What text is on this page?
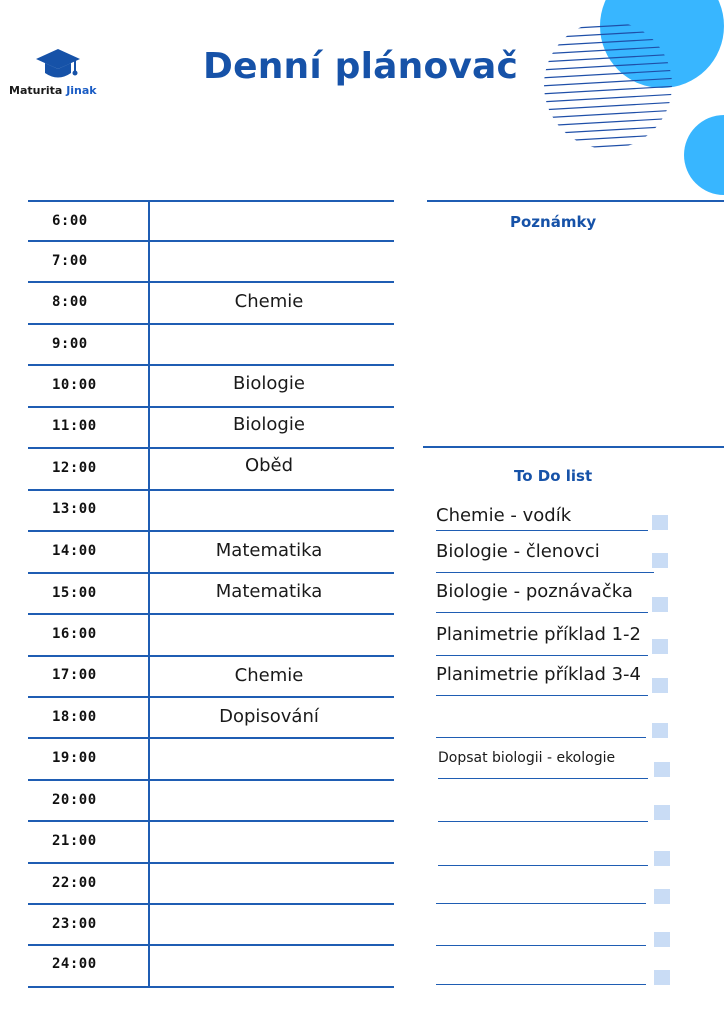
Maturita Jinak
Denní plánovač
6:00
7:00
8:00	Chemie
9:00
10:00	Biologie
11:00	Biologie
12:00	Oběd
13:00
14:00	Matematika
15:00	Matematika
16:00
17:00	Chemie
18:00	Dopisování
19:00
20:00
21:00
22:00
23:00
24:00
Poznámky
To Do list
Chemie - vodík
Biologie - členovci
Biologie - poznávačka
Planimetrie příklad 1-2
Planimetrie příklad 3-4
Dopsat biologii - ekologie
